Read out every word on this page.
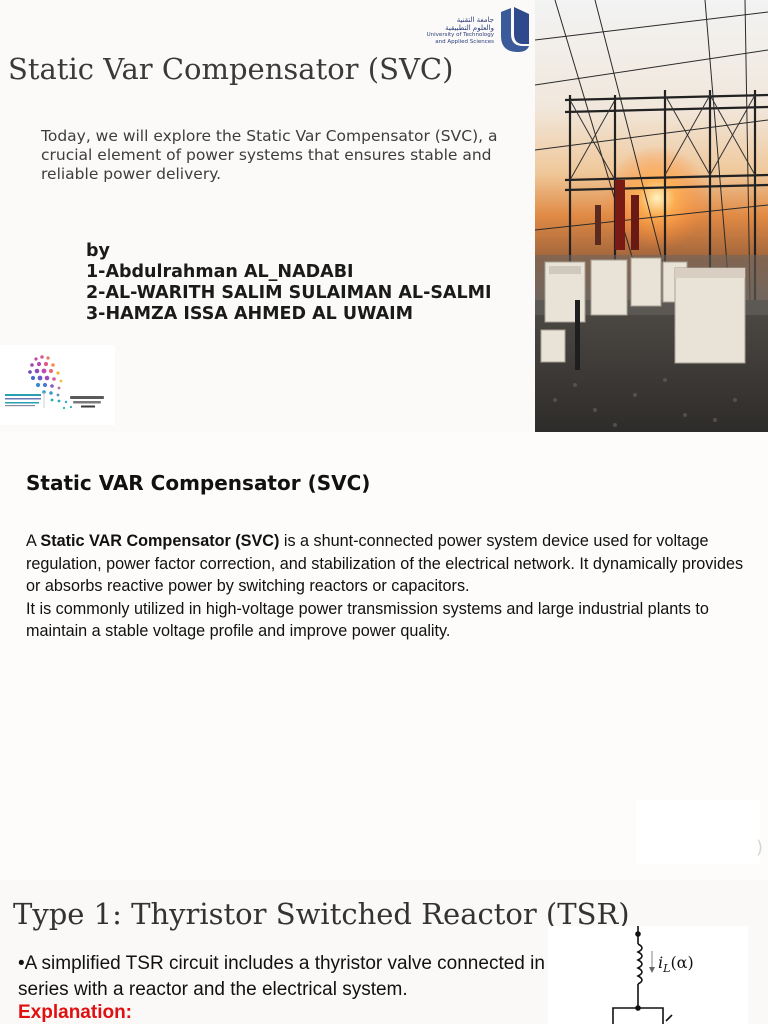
Static Var Compensator (SVC)
جامعة التقنية
والعلوم التطبيقية
University of Technology
and Applied Sciences

Today, we will explore the Static Var Compensator (SVC), a crucial element of power systems that ensures stable and reliable power delivery.

by
1-Abdulrahman AL_NADABI
2-AL-WARITH SALIM SULAIMAN AL-SALMI
3-HAMZA ISSA AHMED AL UWAIM
Static VAR Compensator (SVC)

A Static VAR Compensator (SVC) is a shunt-connected power system device used for voltage regulation, power factor correction, and stabilization of the electrical network. It dynamically provides or absorbs reactive power by switching reactors or capacitors.

It is commonly utilized in high-voltage power transmission systems and large industrial plants to maintain a stable voltage profile and improve power quality.

)
Type 1: Thyristor Switched Reactor (TSR)
•A simplified TSR circuit includes a thyristor valve connected in series with a reactor and the electrical system.
Explanation:
$i_L(\alpha)$
